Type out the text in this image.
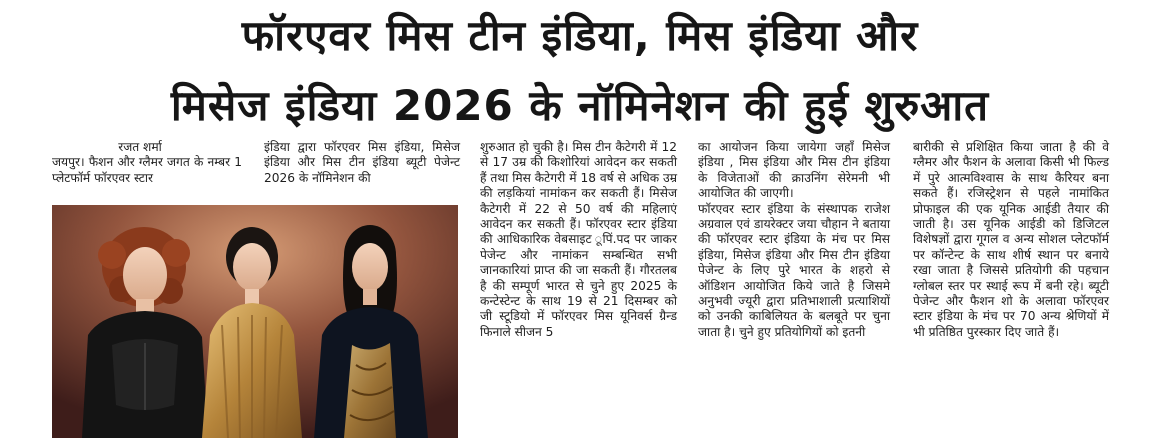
फॉरएवर मिस टीन इंडिया, मिस इंडिया और
मिसेज इंडिया 2026 के नॉमिनेशन की हुई शुरुआत
रजत शर्मा

जयपुर। फैशन और ग्लैमर जगत के नम्बर 1 प्लेटफॉर्म फॉरएवर स्टार

इंडिया द्वारा फॉरएवर मिस इंडिया, मिसेज इंडिया और मिस टीन इंडिया ब्यूटी पेजेन्ट 2026 के नॉमिनेशन की

शुरुआत हो चुकी है। मिस टीन कैटेगरी में 12 से 17 उम्र की किशोरियां आवेदन कर सकती हैं तथा मिस कैटेगरी में 18 वर्ष से अधिक उम्र की लड़कियां नामांकन कर सकती हैं। मिसेज कैटेगरी में 22 से 50 वर्ष की महिलाएं आवेदन कर सकती हैं। फॉरएवर स्टार इंडिया की आधिकारिक वेबसाइट ूपिं.पद पर जाकर पेजेन्ट और नामांकन सम्बन्धित सभी जानकारियां प्राप्त की जा सकती हैं। गौरतलब है की सम्पूर्ण भारत से चुने हुए 2025 के कन्टेस्टेन्ट के साथ 19 से 21 दिसम्बर को जी स्टूडियो में फॉरएवर मिस यूनिवर्स ग्रैन्ड फिनाले सीजन 5

का आयोजन किया जायेगा जहाँ मिसेज इंडिया , मिस इंडिया और मिस टीन इंडिया के विजेताओं की क्राउनिंग सेरेमनी भी आयोजित की जाएगी।

फॉरएवर स्टार इंडिया के संस्थापक राजेश अग्रवाल एवं डायरेक्टर जया चौहान ने बताया की फॉरएवर स्टार इंडिया के मंच पर मिस इंडिया, मिसेज इंडिया और मिस टीन इंडिया पेजेन्ट के लिए पुरे भारत के शहरो से ऑडिशन आयोजित किये जाते है जिसमे अनुभवी ज्यूरी द्वारा प्रतिभाशाली प्रत्याशियों को उनकी काबिलियत के बलबूते पर चुना जाता है। चुने हुए प्रतियोगियों को इतनी

बारीकी से प्रशिक्षित किया जाता है की वे ग्लैमर और फैशन के अलावा किसी भी फिल्ड में पुरे आत्मविश्वास के साथ कैरियर बना सकते हैं। रजिस्ट्रेशन से पहले नामांकित प्रोफाइल की एक यूनिक आईडी तैयार की जाती है। उस यूनिक आईडी को डिजिटल विशेषज्ञों द्वारा गूगल व अन्य सोशल प्लेटफॉर्म पर कॉन्टेन्ट के साथ शीर्ष स्थान पर बनाये रखा जाता है जिससे प्रतियोगी की पहचान ग्लोबल स्तर पर स्थाई रूप में बनी रहे। ब्यूटी पेजेन्ट और फैशन शो के अलावा फॉरएवर स्टार इंडिया के मंच पर 70 अन्य श्रेणियों में भी प्रतिष्ठित पुरस्कार दिए जाते हैं।
